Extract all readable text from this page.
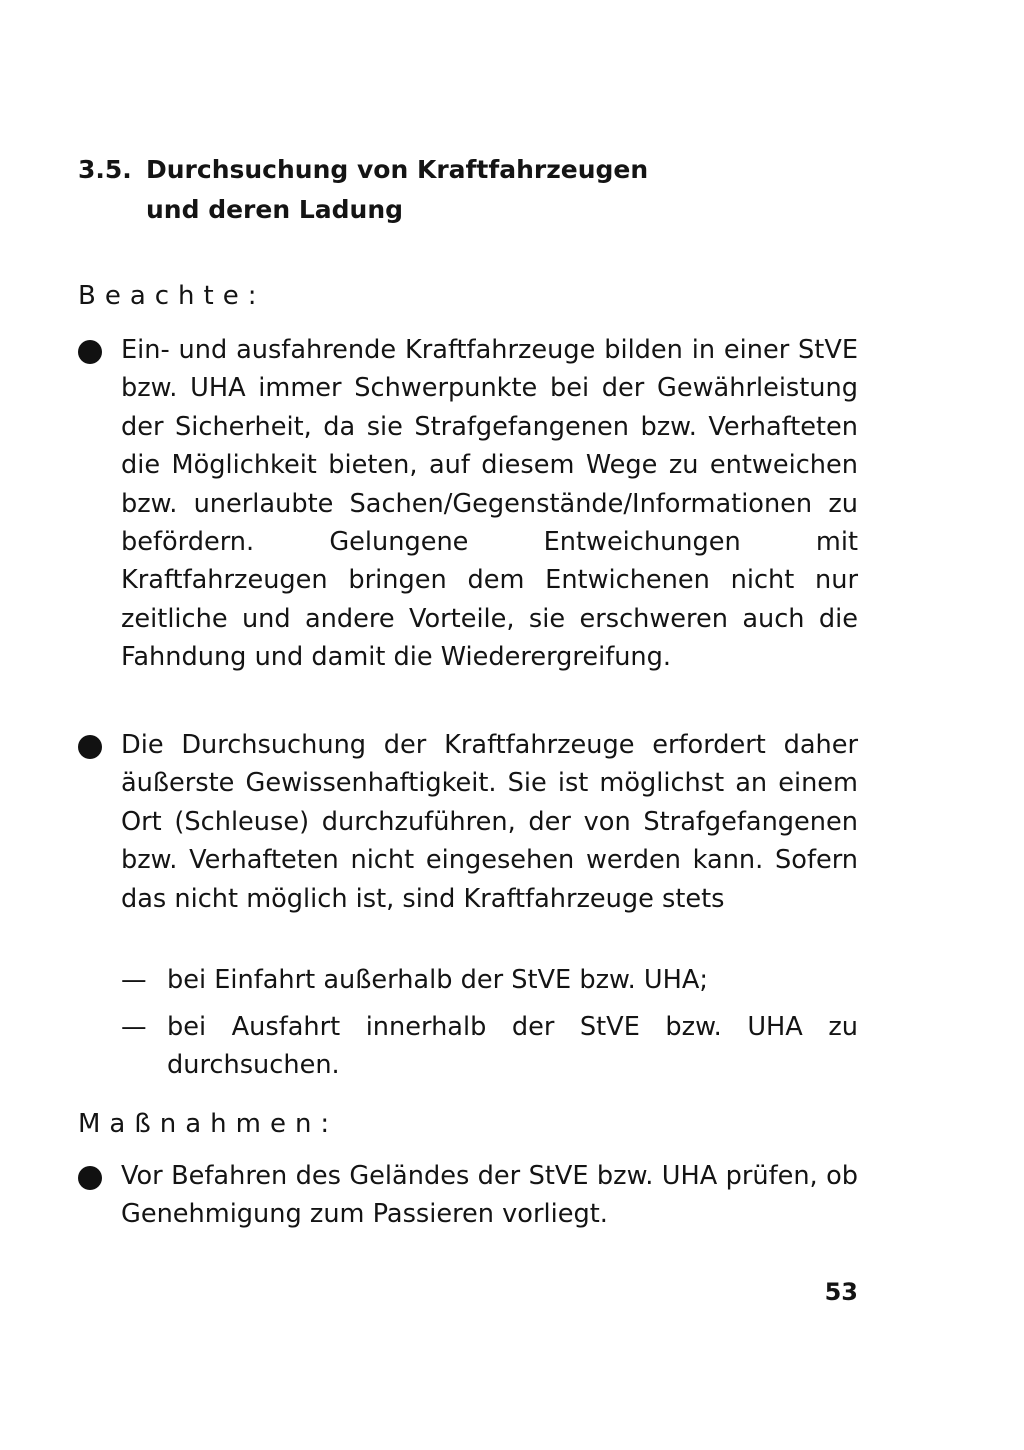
3.5. Durchsuchung von Kraftfahrzeugen
und deren Ladung
Beachte:
Ein- und ausfahrende Kraftfahrzeuge bilden in einer StVE bzw. UHA immer Schwerpunkte bei der Gewährleistung der Sicherheit, da sie Strafgefangenen bzw. Verhafteten die Möglichkeit bieten, auf diesem Wege zu entweichen bzw. unerlaubte Sachen/Gegenstände/Informationen zu befördern. Gelungene Entweichungen mit Kraftfahrzeugen bringen dem Entwichenen nicht nur zeitliche und andere Vorteile, sie erschweren auch die Fahndung und damit die Wiederergreifung.
Die Durchsuchung der Kraftfahrzeuge erfordert daher äußerste Gewissenhaftigkeit. Sie ist möglichst an einem Ort (Schleuse) durchzuführen, der von Strafgefangenen bzw. Verhafteten nicht eingesehen werden kann. Sofern das nicht möglich ist, sind Kraftfahrzeuge stets
— bei Einfahrt außerhalb der StVE bzw. UHA;
— bei Ausfahrt innerhalb der StVE bzw. UHA zu durchsuchen.
Maßnahmen:
Vor Befahren des Geländes der StVE bzw. UHA prüfen, ob Genehmigung zum Passieren vorliegt.
53
